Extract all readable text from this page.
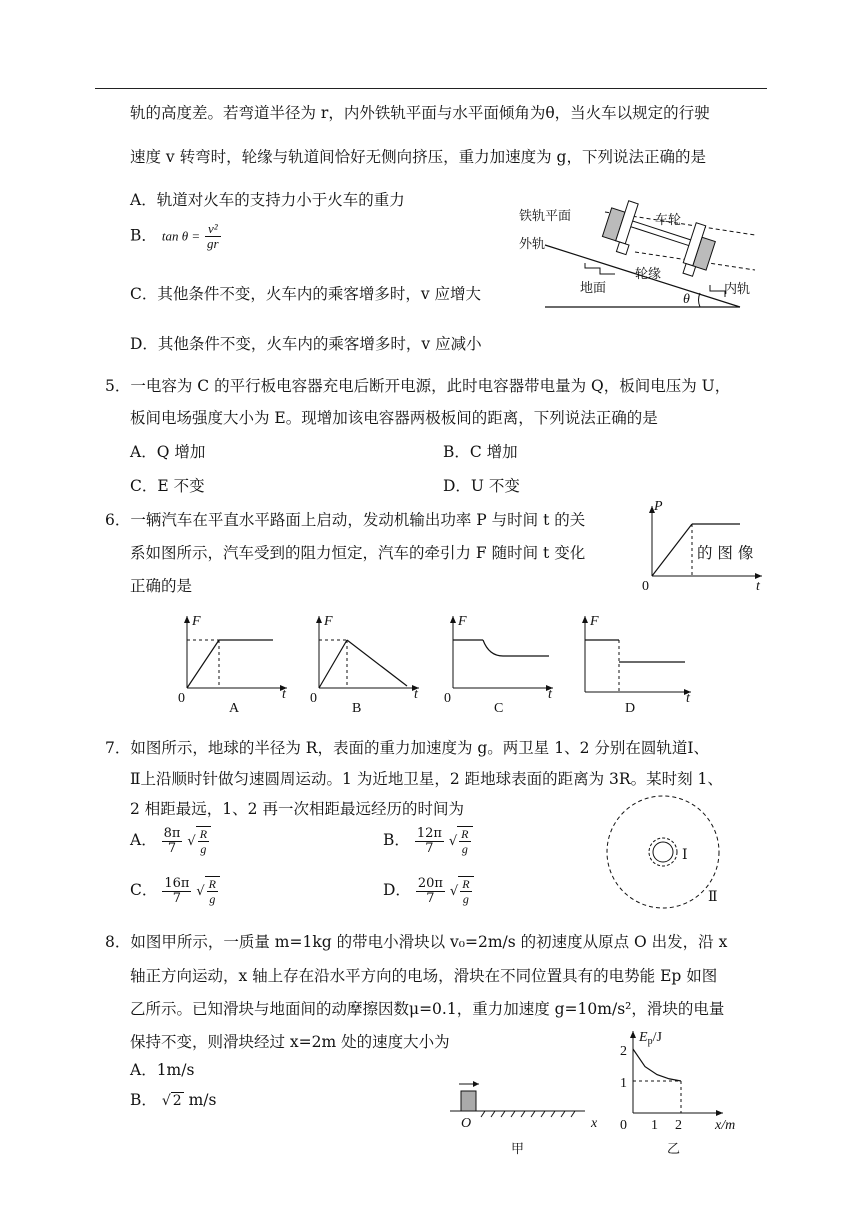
轨的高度差。若弯道半径为 r，内外铁轨平面与水平面倾角为θ，当火车以规定的行驶
速度 v 转弯时，轮缘与轨道间恰好无侧向挤压，重力加速度为 g，下列说法正确的是
A．轨道对火车的支持力小于火车的重力
B． $\tan \theta = \frac{\text{v²}}{gr}$
C．其他条件不变，火车内的乘客增多时，v 应增大
D．其他条件不变，火车内的乘客增多时，v 应减小
铁轨平面	车轮
外轨
轮缘
地面	内轨
θ
5．一电容为 C 的平行板电容器充电后断开电源，此时电容器带电量为 Q，板间电压为 U，
板间电场强度大小为 E。现增加该电容器两极板间的距离，下列说法正确的是
A．Q 增加	B．C 增加
C．E 不变	D．U 不变
6．一辆汽车在平直水平路面上启动，发动机输出功率 P 与时间 t 的关
系如图所示，汽车受到的阻力恒定，汽车的牵引力 F 随时间 t 变化	的 图 像
正确的是
P
t
0
F
0	t
A
F
0	t
B
F
0	t
C
F
t
D
7．如图所示，地球的半径为 R，表面的重力加速度为 g。两卫星 1、2 分别在圆轨道Ⅰ、
Ⅱ上沿顺时针做匀速圆周运动。1 为近地卫星，2 距地球表面的距离为 3R。某时刻 1、
2 相距最远，1、2 再一次相距最远经历的时间为
A． $\frac{8\pi}{7}$ √ $\frac{R}{g}$	B． $\frac{12\pi}{7}$ √ $\frac{R}{g}$
C． $\frac{16\pi}{7}$ √ $\frac{R}{g}$	D． $\frac{20\pi}{7}$ √ $\frac{R}{g}$
Ⅰ
Ⅱ
8．如图甲所示，一质量 m=1kg 的带电小滑块以 v₀=2m/s 的初速度从原点 O 出发，沿 x
轴正方向运动，x 轴上存在沿水平方向的电场，滑块在不同位置具有的电势能 Ep 如图
乙所示。已知滑块与地面间的动摩擦因数μ=0.1，重力加速度 g=10m/s²，滑块的电量
保持不变，则滑块经过 x=2m 处的速度大小为
A．1m/s
B． √ 2 m/s
O	x
甲
$E_p/J$
2
1
0 1 2 x/m
乙
